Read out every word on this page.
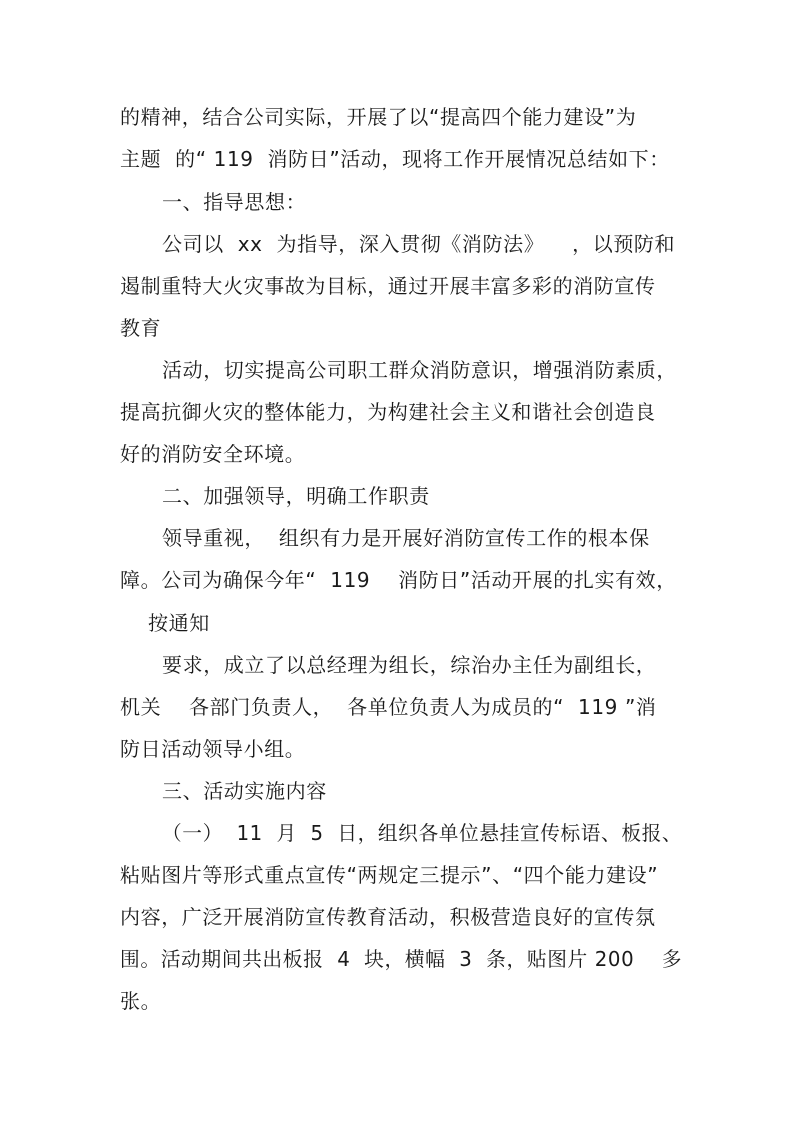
的精神，结合公司实际，开展了以“提高四个能力建设”为
主题  的“ 119  消防日”活动，现将工作开展情况总结如下：
一、指导思想：
公司以  xx  为指导，深入贯彻《消防法》    ，以预防和
遏制重特大火灾事故为目标，通过开展丰富多彩的消防宣传
教育
活动，切实提高公司职工群众消防意识，增强消防素质，
提高抗御火灾的整体能力，为构建社会主义和谐社会创造良
好的消防安全环境。
二、加强领导，明确工作职责
领导重视，  组织有力是开展好消防宣传工作的根本保
障。公司为确保今年“  119    消防日”活动开展的扎实有效，
按通知
要求，成立了以总经理为组长，综治办主任为副组长，
机关    各部门负责人，  各单位负责人为成员的“  119 ”消
防日活动领导小组。
三、活动实施内容
（一）  11  月  5  日，组织各单位悬挂宣传标语、板报、
粘贴图片等形式重点宣传“两规定三提示”、“四个能力建设”
内容，广泛开展消防宣传教育活动，积极营造良好的宣传氛
围。活动期间共出板报  4  块，横幅  3  条，贴图片 200    多
张。
